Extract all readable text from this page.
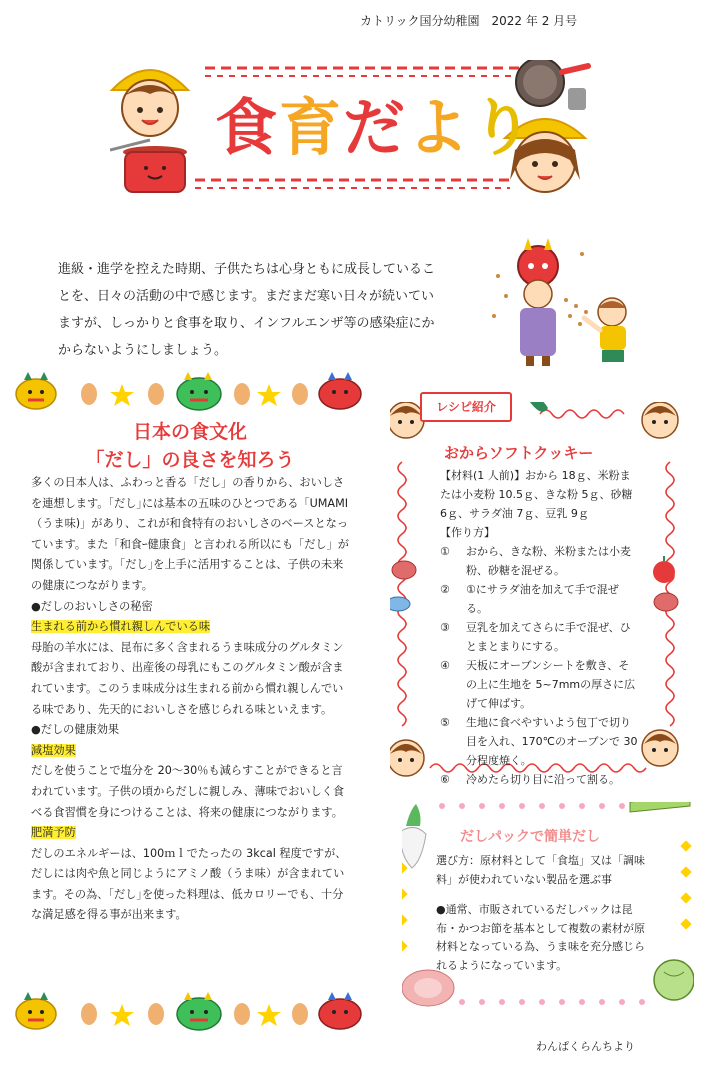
カトリック国分幼稚園　2022 年 2 月号
食育だより
進級・進学を控えた時期、子供たちは心身ともに成長していることを、日々の活動の中で感じます。まだまだ寒い日々が続いていますが、しっかりと食事を取り、インフルエンザ等の感染症にかからないようにしましょう。
日本の食文化
「だし」の良さを知ろう

多くの日本人は、ふわっと香る「だし」の香りから、おいしさを連想します。｢だし｣には基本の五味のひとつである「UMAMI（うま味)」があり、これが和食特有のおいしさのベースとなっています。また「和食ｰ健康食」と言われる所以にも「だし」が関係しています。｢だし｣を上手に活用することは、子供の未来の健康につながります。

●だしのおいしさの秘密

生まれる前から慣れ親しんでいる味

母胎の羊水には、昆布に多く含まれるうま味成分のグルタミン酸が含まれており、出産後の母乳にもこのグルタミン酸が含まれています。このうま味成分は生まれる前から慣れ親しんでいる味であり、先天的においしさを感じられる味といえます。

●だしの健康効果

減塩効果

だしを使うことで塩分を 20～30％も減らすことができると言われています。子供の頃からだしに親しみ、薄味でおいしく食べる食習慣を身につけることは、将来の健康につながります。

肥満予防

だしのエネルギーは、100ｍｌでたったの 3kcal 程度ですが、だしには肉や魚と同じようにアミノ酸（うま味）が含まれています。その為、｢だし｣を使った料理は、低カロリーでも、十分な満足感を得る事が出来ます。

レシピ紹介
おからソフトクッキー

【材料(1 人前)】おから 18ｇ、米粉または小麦粉 10.5ｇ、きな粉 5ｇ、砂糖 6ｇ、サラダ油 7ｇ、豆乳 9ｇ

【作り方】

①	おから、きな粉、米粉または小麦粉、砂糖を混ぜる。
②	①にサラダ油を加えて手で混ぜる。
③	豆乳を加えてさらに手で混ぜ、ひとまとまりにする。
④	天板にオーブンシートを敷き、その上に生地を 5~7mmの厚さに広げて伸ばす。
⑤	生地に食べやすいよう包丁で切り目を入れ、170℃のオーブンで 30 分程度焼く。
⑥	冷めたら切り目に沿って割る。
だしパックで簡単だし

選び方：原材料として「食塩」又は「調味料」が使われていない製品を選ぶ事

●通常、市販されているだしパックは昆布・かつお節を基本として複数の素材が原材料となっている為、うま味を充分感じられるようになっています。

わんぱくらんちより
